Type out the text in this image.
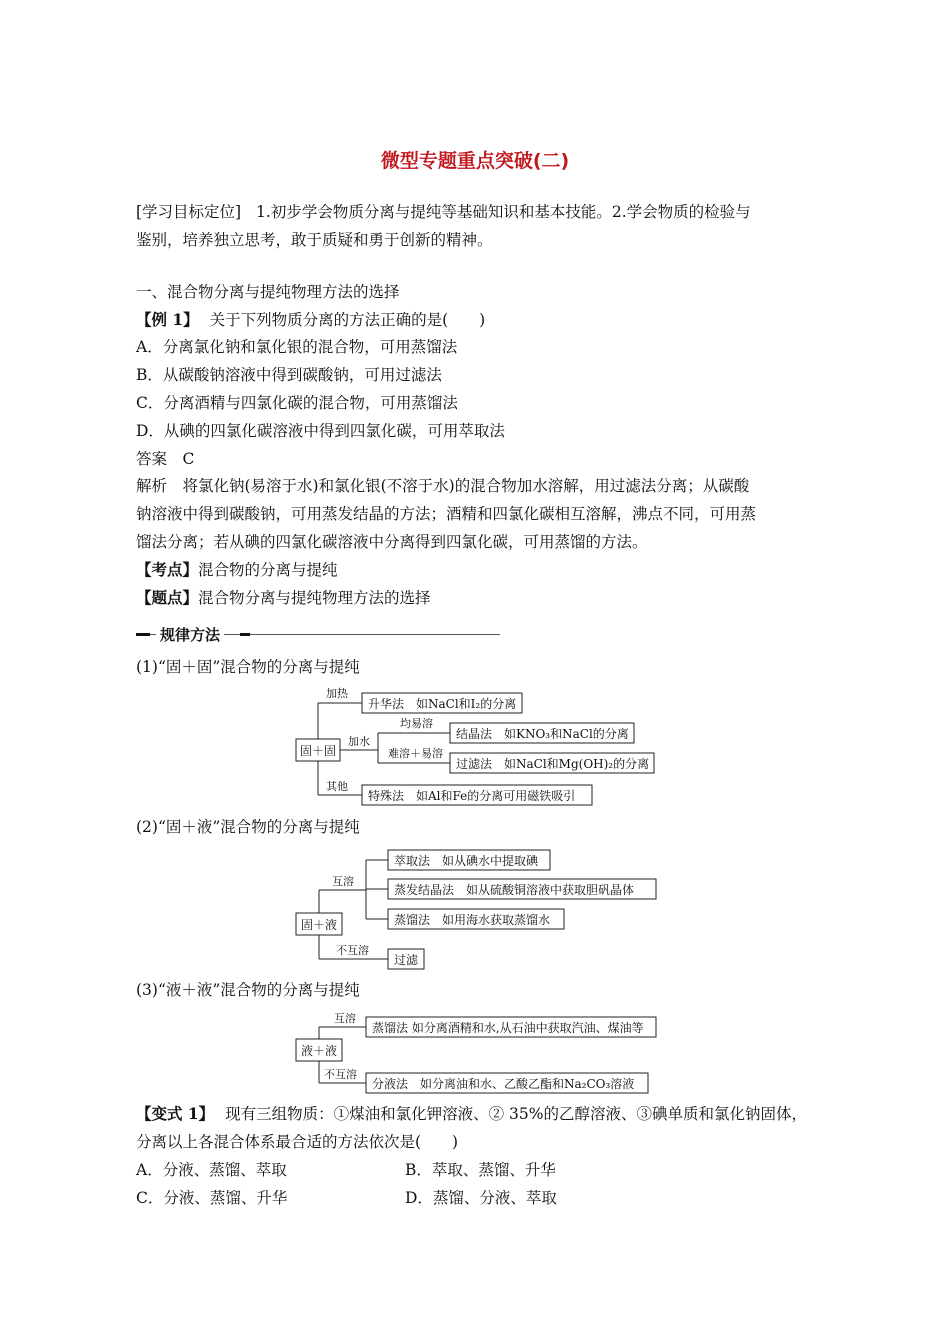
微型专题重点突破(二)
[学习目标定位] 1.初步学会物质分离与提纯等基础知识和基本技能。2.学会物质的检验与
鉴别，培养独立思考，敢于质疑和勇于创新的精神。
一、混合物分离与提纯物理方法的选择
【例 1】 关于下列物质分离的方法正确的是(　　)
A．分离氯化钠和氯化银的混合物，可用蒸馏法
B．从碳酸钠溶液中得到碳酸钠，可用过滤法
C．分离酒精与四氯化碳的混合物，可用蒸馏法
D．从碘的四氯化碳溶液中得到四氯化碳，可用萃取法
答案　C
解析　将氯化钠(易溶于水)和氯化银(不溶于水)的混合物加水溶解，用过滤法分离；从碳酸
钠溶液中得到碳酸钠，可用蒸发结晶的方法；酒精和四氯化碳相互溶解，沸点不同，可用蒸
馏法分离；若从碘的四氯化碳溶液中分离得到四氯化碳，可用蒸馏的方法。
【考点】混合物的分离与提纯
【题点】混合物分离与提纯物理方法的选择
规律方法
(1)“固＋固”混合物的分离与提纯
(2)“固＋液”混合物的分离与提纯
(3)“液＋液”混合物的分离与提纯
固＋固
加热
加水
其他
均易溶
难溶＋易溶
升华法　如NaCl和I₂的分离
结晶法　如KNO₃和NaCl的分离
过滤法　如NaCl和Mg(OH)₂的分离
特殊法　如Al和Fe的分离可用磁铁吸引
固＋液
互溶
不互溶
萃取法　如从碘水中提取碘
蒸发结晶法　如从硫酸铜溶液中获取胆矾晶体
蒸馏法　如用海水获取蒸馏水
过滤
液＋液
互溶
不互溶
蒸馏法 如分离酒精和水,从石油中获取汽油、煤油等
分液法　如分离油和水、乙酸乙酯和Na₂CO₃溶液
【变式 1】 现有三组物质：①煤油和氯化钾溶液、② 35%的乙醇溶液、③碘单质和氯化钠固体，
分离以上各混合体系最合适的方法依次是(　　)
A．分液、蒸馏、萃取	B．萃取、蒸馏、升华
C．分液、蒸馏、升华	D．蒸馏、分液、萃取
